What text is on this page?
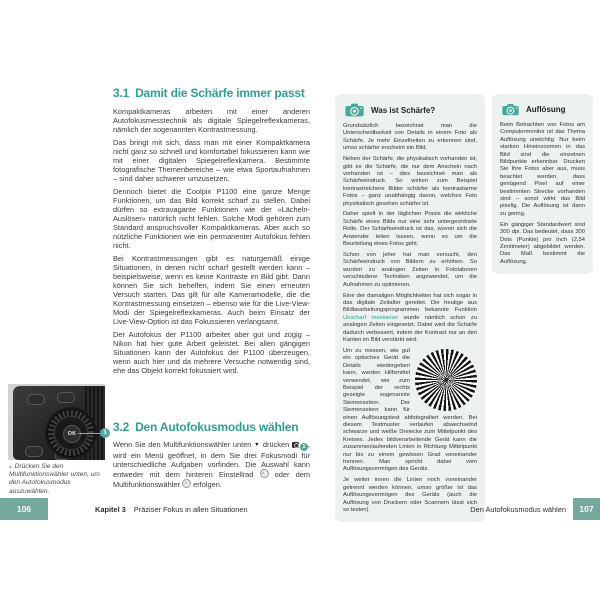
3.1 Damit die Schärfe immer passt

Kompaktkameras arbeiten mit einer anderen Autofokusmesstechnik als digitale Spiegelreflexkameras, nämlich der sogenannten Kontrastmessung.

Das bringt mit sich, dass man mit einer Kompaktkamera nicht ganz so schnell und komfortabel fokussieren kann wie mit einer digitalen Spiegelreflexkamera. Bestimmte fotografische Themenbereiche – wie etwa Sportaufnahmen – sind daher schwerer umzusetzen.

Dennoch bietet die Coolpix P1100 eine ganze Menge Funktionen, um das Bild korrekt scharf zu stellen. Dabei dürfen so extravagante Funktionen wie der »Lächeln-Auslöser« natürlich nicht fehlen. Solche Modi gehören zum Standard anspruchsvoller Kompaktkameras. Aber auch so nützliche Funktionen wie ein permanenter Autofokus fehlen nicht.

Bei Kontrastmessungen gibt es naturgemäß einige Situationen, in denen nicht scharf gestellt werden kann – beispielsweise, wenn es keine Kontraste im Bild gibt. Dann können Sie sich behelfen, indem Sie einen erneuten Versuch starten. Das gilt für alle Kameramodelle, die die Kontrastmessung einsetzen – ebenso wie für die Live-View-Modi der Spiegelreflexkameras. Auch beim Einsatz der Live-View-Option ist das Fokussieren verlangsamt.

Der Autofokus der P1100 arbeitet aber gut und zügig – Nikon hat hier gute Arbeit geleistet. Bei allen gängigen Situationen kann der Autofokus der P1100 überzeugen, wenn auch hier und da mehrere Versuche notwendig sind, ehe das Objekt korrekt fokussiert wird.

3.2 Den Autofokusmodus wählen

Wenn Sie den Multifunktionswähler unten ▼ drücken 1 , wird ein Menü geöffnet, in dem Sie drei Fokusmodi für unterschiedliche Aufgaben vorfinden. Die Auswahl kann entweder mit dem hinteren Einstellrad	oder dem Multifunktionswähler erfolgen.

OK	1
▴ Drücken Sie den Multifunktionswähler unten, um den Autofokusmodus auszuwählen.
106	Kapitel 3 Präziser Fokus in allen Situationen
Was ist Schärfe?

Grundsätzlich bezeichnet man die Unterscheidbarkeit von Details in einem Foto als Schärfe. Je mehr Einzelheiten zu erkennen sind, umso schärfer erscheint ein Bild.

Neben der Schärfe, die physikalisch vorhanden ist, gibt es die Schärfe, die nur dem Anschein nach vorhanden ist – dies bezeichnet man als Schärfeeindruck. So wirken zum Beispiel kontrastreichere Bilder schärfer als kontrastarme Fotos – ganz unabhängig davon, welches Foto physikalisch gesehen schärfer ist.

Daher spielt in der täglichen Praxis die wirkliche Schärfe eines Bilds nur eine sehr untergeordnete Rolle. Der Schärfeeindruck ist das, wovon sich die Anwender leiten lassen, wenn es um die Beurteilung eines Fotos geht.

Schon von jeher hat man versucht, den Schärfeeindruck von Bildern zu erhöhen. So wurden zu analogen Zeiten in Fotolaboren verschiedene Techniken angewendet, um die Aufnahmen zu optimieren.

Eine der damaligen Möglichkeiten hat sich sogar in das digitale Zeitalter gerettet. Die heutige aus Bildbearbeitungsprogrammen bekannte Funktion Unscharf maskieren wurde nämlich schon zu analogen Zeiten eingesetzt. Dabei wird die Schärfe dadurch verbessert, indem der Kontrast nur an den Kanten im Bild verstärkt wird.

Um zu messen, wie gut ein optisches Gerät die Details wiedergeben kann, werden Hilfsmittel verwendet, wie zum Beispiel der rechts gezeigte sogenannte Siemensstern. Der Siemensstern kann für einen Auflösungstest abfotografiert werden. Bei diesem Testmuster verlaufen abwechselnd schwarze und weiße Dreiecke zum Mittelpunkt des Kreises. Jedes bildverarbeitende Gerät kann die zusammenlaufenden Linien in Richtung Mittelpunkt nur bis zu einem gewissen Grad voneinander trennen. Man spricht dabei vom Auflösungsvermögen des Geräts.

Je weiter innen die Linien noch voneinander getrennt werden können, umso größer ist das Auflösungsvermögen des Geräts (auch die Auflösung von Druckern oder Scannern lässt sich so testen).

Auflösung

Beim Betrachten von Fotos am Computermonitor ist das Thema Auflösung unwichtig. Nur beim starken Hineinzoomen in das Bild sind die einzelnen Bildpunkte erkennbar. Drucken Sie Ihre Fotos aber aus, muss beachtet werden, dass genügend Pixel auf einer bestimmten Strecke vorhanden sind – sonst wirkt das Bild pixelig. Die Auflösung ist dann zu gering.

Ein gängiger Standardwert sind 300 dpi. Das bedeutet, dass 300 Dots (Punkte) pro Inch (2,54 Zentimeter) abgebildet werden. Das Maß bestimmt die Auflösung.

Den Autofokusmodus wählen	107
